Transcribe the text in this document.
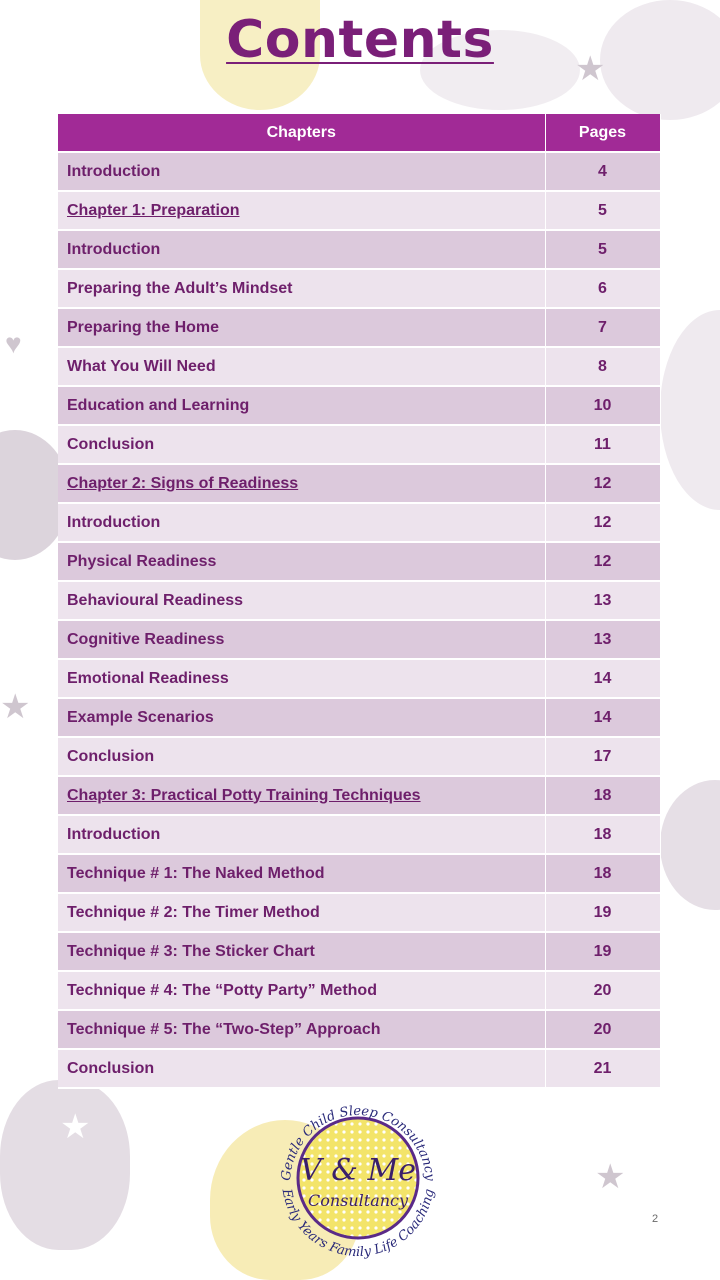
★
★
★
★
♥
Contents
Chapters	Pages
Introduction	4
Chapter 1: Preparation	5
Introduction	5
Preparing the Adult’s Mindset	6
Preparing the Home	7
What You Will Need	8
Education and Learning	10
Conclusion	11
Chapter 2: Signs of Readiness	12
Introduction	12
Physical Readiness	12
Behavioural Readiness	13
Cognitive Readiness	13
Emotional Readiness	14
Example Scenarios	14
Conclusion	17
Chapter 3: Practical Potty Training Techniques	18
Introduction	18
Technique # 1: The Naked Method	18
Technique # 2: The Timer Method	19
Technique # 3: The Sticker Chart	19
Technique # 4: The “Potty Party” Method	20
Technique # 5: The “Two-Step” Approach	20
Conclusion	21
Gentle Child Sleep Consultancy
V & Me
Consultancy
Early Years Family Life Coaching
2
